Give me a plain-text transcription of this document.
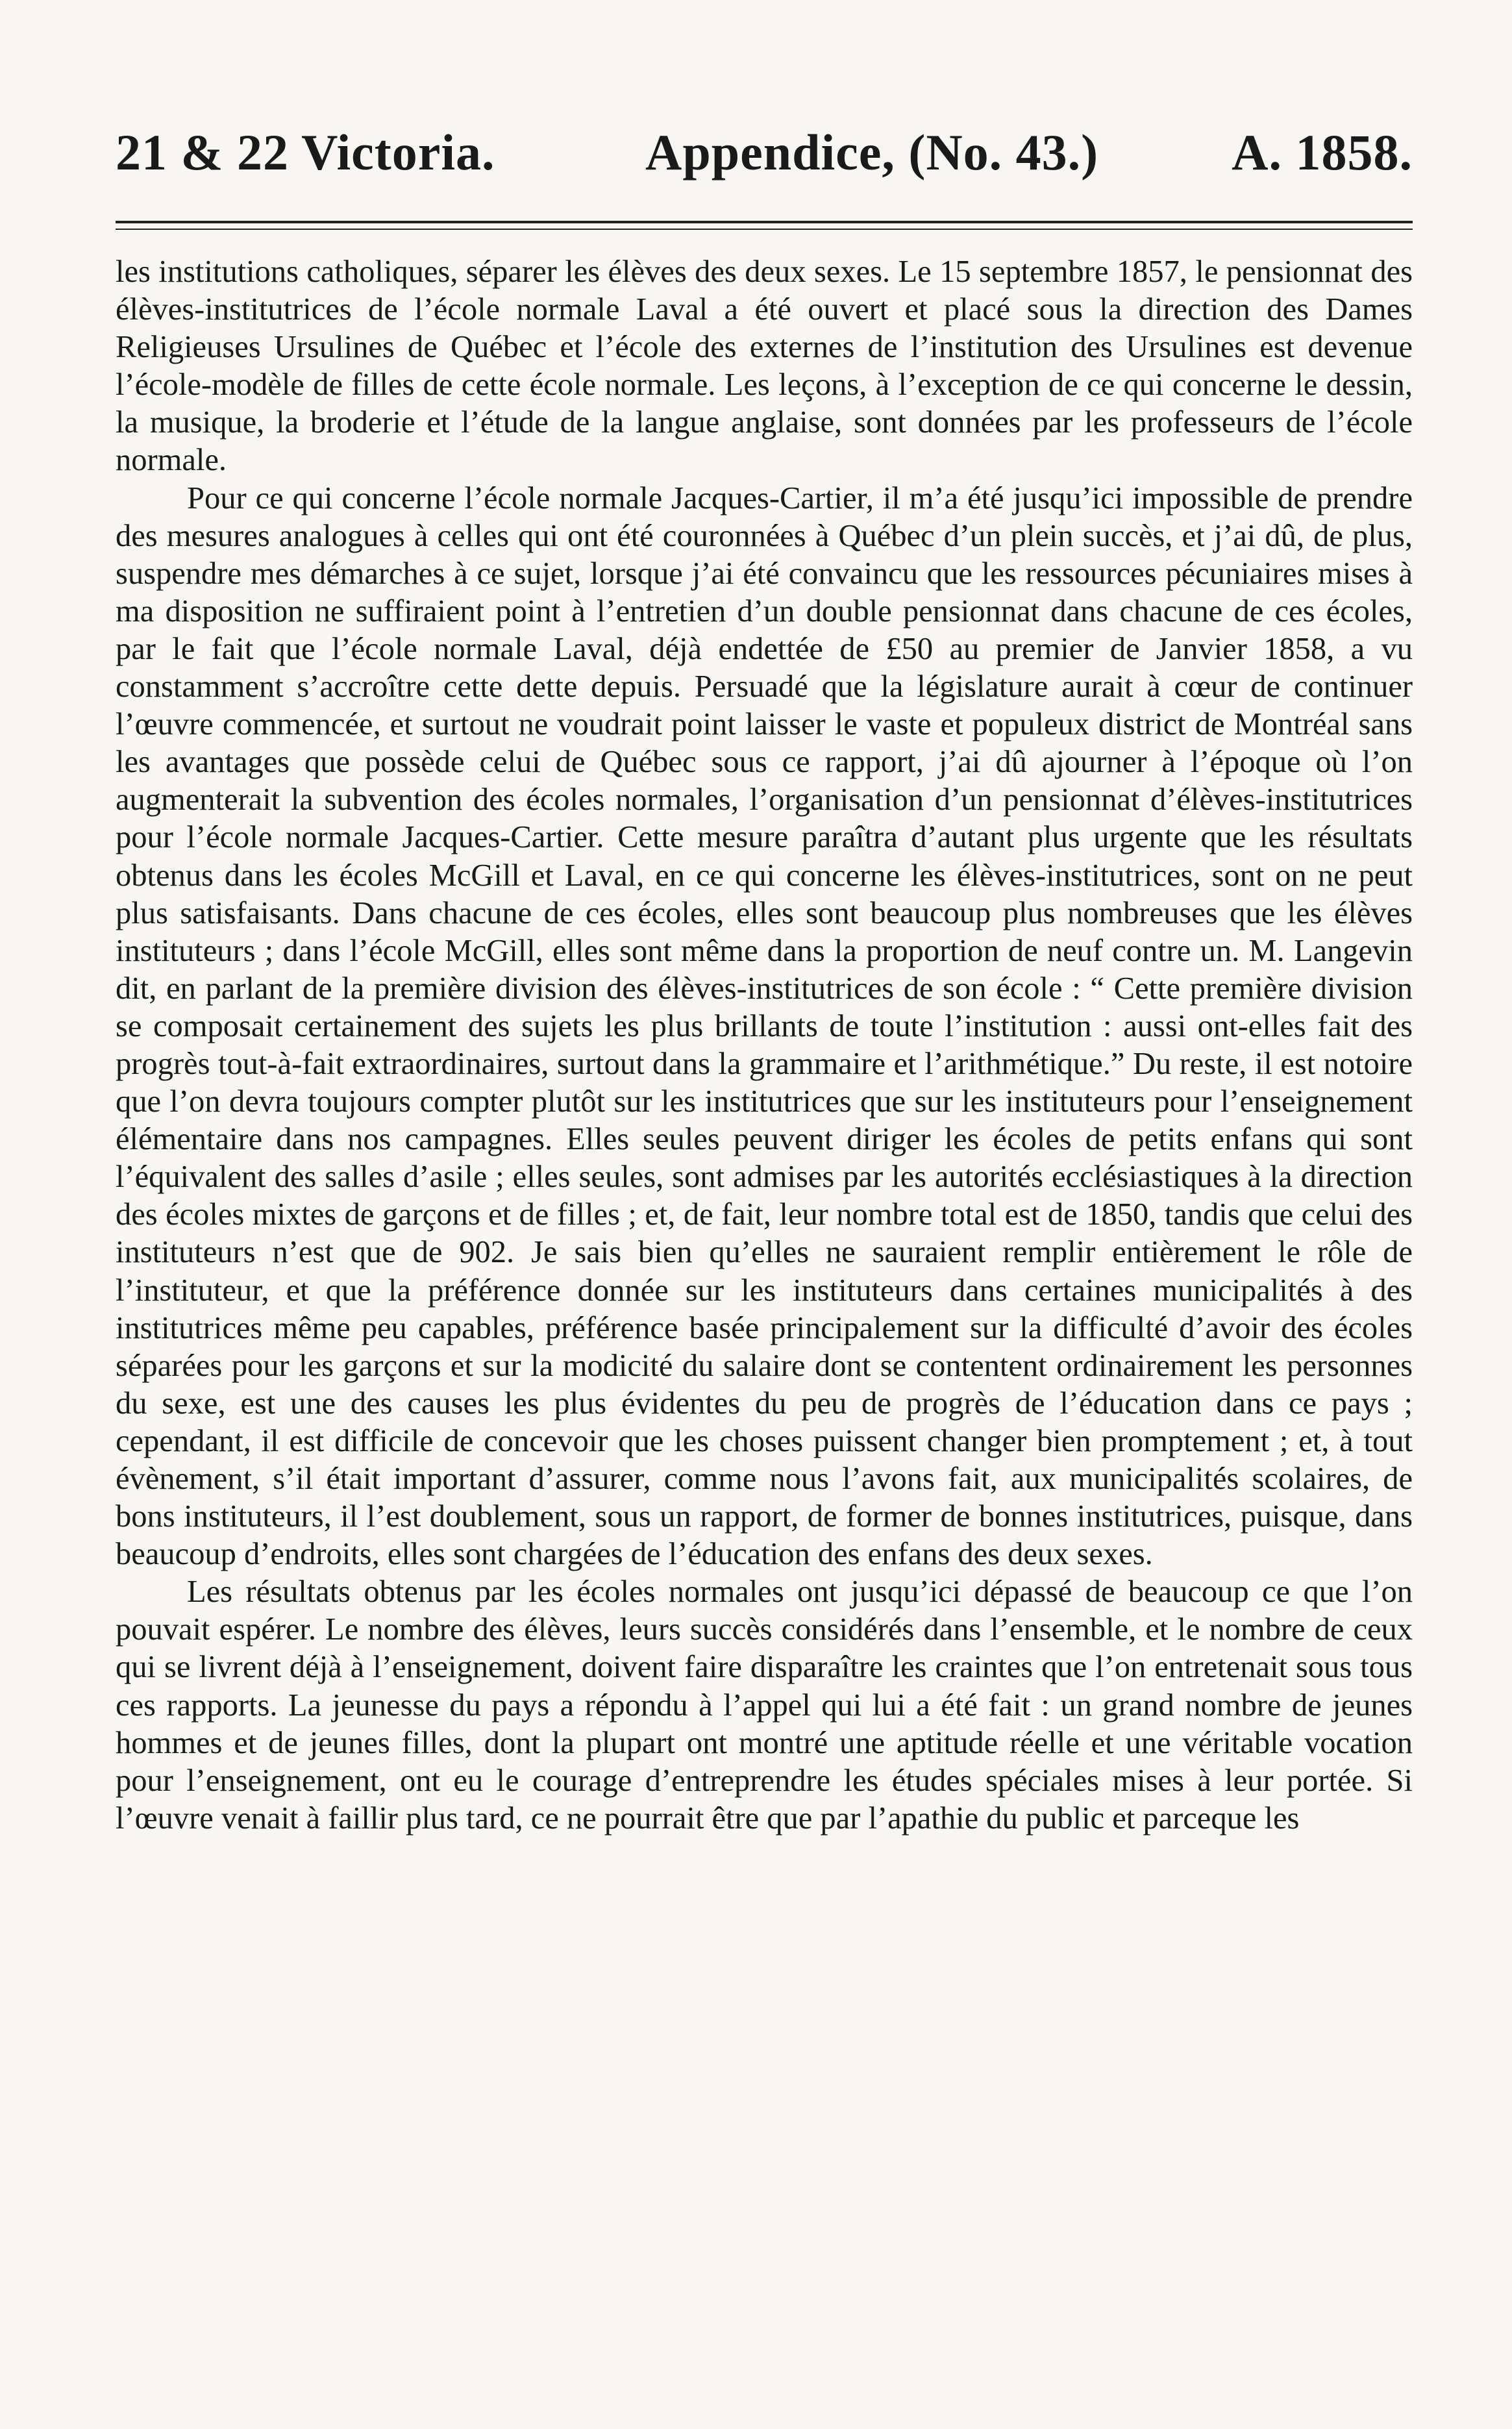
21 & 22 Victoria.	Appendice, (No. 43.)	A. 1858.

les institutions catholiques, séparer les élèves des deux sexes. Le 15 septembre 1857, le pensionnat des élèves-institutrices de l’école normale Laval a été ouvert et placé sous la direction des Dames Religieuses Ursulines de Québec et l’école des externes de l’institution des Ursulines est devenue l’école-modèle de filles de cette école normale. Les leçons, à l’exception de ce qui concerne le dessin, la musique, la broderie et l’étude de la langue anglaise, sont données par les professeurs de l’école normale.

Pour ce qui concerne l’école normale Jacques-Cartier, il m’a été jusqu’ici impossible de prendre des mesures analogues à celles qui ont été couronnées à Québec d’un plein succès, et j’ai dû, de plus, suspendre mes démarches à ce sujet, lorsque j’ai été convaincu que les ressources pécuniaires mises à ma disposition ne suffiraient point à l’entretien d’un double pensionnat dans chacune de ces écoles, par le fait que l’école normale Laval, déjà endettée de £50 au premier de Janvier 1858, a vu constamment s’accroître cette dette depuis. Persuadé que la législature aurait à cœur de continuer l’œuvre commencée, et surtout ne voudrait point laisser le vaste et populeux district de Montréal sans les avantages que possède celui de Québec sous ce rapport, j’ai dû ajourner à l’époque où l’on augmenterait la subvention des écoles normales, l’organisation d’un pensionnat d’élèves-institutrices pour l’école normale Jacques-Cartier. Cette mesure paraîtra d’autant plus urgente que les résultats obtenus dans les écoles McGill et Laval, en ce qui concerne les élèves-institutrices, sont on ne peut plus satisfaisants. Dans chacune de ces écoles, elles sont beaucoup plus nombreuses que les élèves instituteurs ; dans l’école McGill, elles sont même dans la proportion de neuf contre un. M. Langevin dit, en parlant de la première division des élèves-institutrices de son école : “ Cette première division se composait certainement des sujets les plus brillants de toute l’institution : aussi ont-elles fait des progrès tout-à-fait extraordinaires, surtout dans la grammaire et l’arithmétique.” Du reste, il est notoire que l’on devra toujours compter plutôt sur les institutrices que sur les instituteurs pour l’enseignement élémentaire dans nos campagnes. Elles seules peuvent diriger les écoles de petits enfans qui sont l’équivalent des salles d’asile ; elles seules, sont admises par les autorités ecclésiastiques à la direction des écoles mixtes de garçons et de filles ; et, de fait, leur nombre total est de 1850, tandis que celui des instituteurs n’est que de 902. Je sais bien qu’elles ne sauraient remplir entièrement le rôle de l’instituteur, et que la préférence donnée sur les instituteurs dans certaines municipalités à des institutrices même peu capables, préférence basée principalement sur la difficulté d’avoir des écoles séparées pour les garçons et sur la modicité du salaire dont se contentent ordinairement les personnes du sexe, est une des causes les plus évidentes du peu de progrès de l’éducation dans ce pays ; cependant, il est difficile de concevoir que les choses puissent changer bien promptement ; et, à tout évènement, s’il était important d’assurer, comme nous l’avons fait, aux municipalités scolaires, de bons instituteurs, il l’est doublement, sous un rapport, de former de bonnes institutrices, puisque, dans beaucoup d’endroits, elles sont chargées de l’éducation des enfans des deux sexes.

Les résultats obtenus par les écoles normales ont jusqu’ici dépassé de beaucoup ce que l’on pouvait espérer. Le nombre des élèves, leurs succès considérés dans l’ensemble, et le nombre de ceux qui se livrent déjà à l’enseignement, doivent faire disparaître les craintes que l’on entretenait sous tous ces rapports. La jeunesse du pays a répondu à l’appel qui lui a été fait : un grand nombre de jeunes hommes et de jeunes filles, dont la plupart ont montré une aptitude réelle et une véritable vocation pour l’enseignement, ont eu le courage d’entreprendre les études spéciales mises à leur portée. Si l’œuvre venait à faillir plus tard, ce ne pourrait être que par l’apathie du public et parceque les
